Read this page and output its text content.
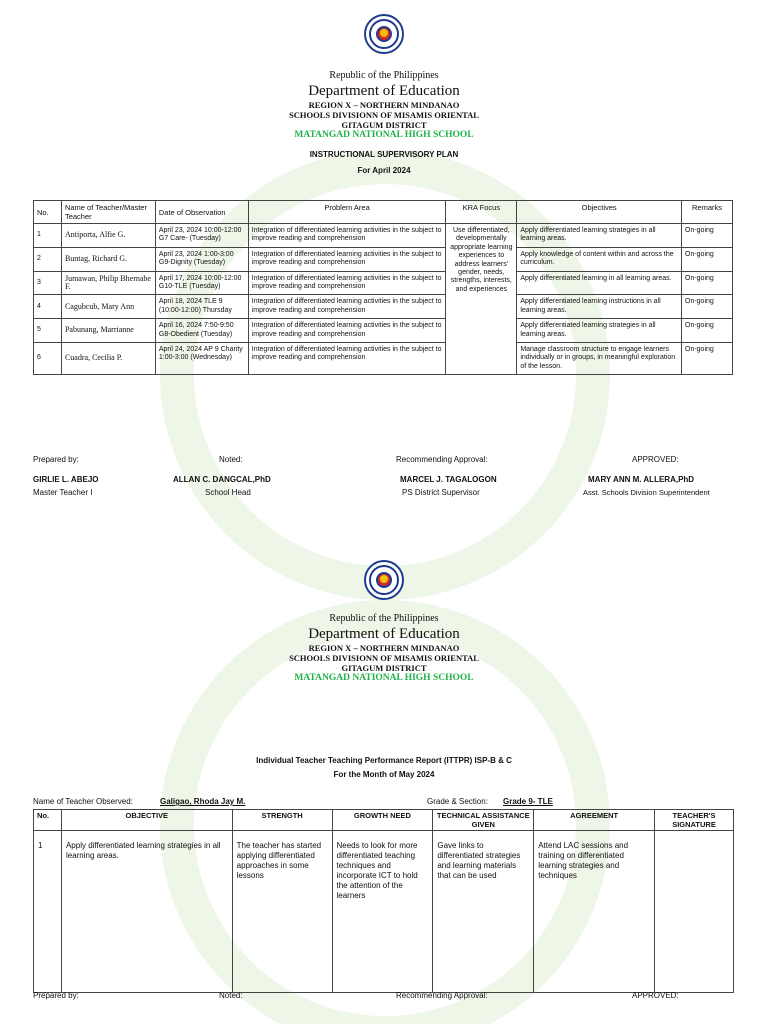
Republic of the Philippines
Department of Education
REGION X – NORTHERN MINDANAO
SCHOOLS DIVISIONN OF MISAMIS ORIENTAL
GITAGUM DISTRICT
MATANGAD NATIONAL HIGH SCHOOL
INSTRUCTIONAL SUPERVISORY PLAN
For April 2024
No.	Name of Teacher/Master Teacher	Date of Observation	Problem Area	KRA Focus	Objectives	Remarks
1	Antiporta, Alfie G.	April 23, 2024 10:00-12:00 G7 Care- (Tuesday)	Integration of differentiated learning activities in the subject to improve reading and comprehension	Use differentiated, developmentally appropriate learning experiences to address learners' gender, needs, strengths, interests, and experiences	Apply differentiated learning strategies in all learning areas.	On-going
2	Buntag, Richard G.	April 23, 2024 1:00-3:00 G9-Dignity (Tuesday)	Integration of differentiated learning activities in the subject to improve reading and comprehension		Apply knowledge of content within and across the curriculum.	On-going
3	Jumawan, Philip Bhernabe F.	April 17, 2024 10:00-12:00 G10-TLE (Tuesday)	Integration of differentiated learning activities in the subject to improve reading and comprehension		Apply differentiated learning in all learning areas.	On-going
4	Cagubcub, Mary Ann	April 18, 2024 TLE 9 (10:00-12:00) Thursday	Integration of differentiated learning activities in the subject to improve reading and comprehension		Apply differentiated learning instructions in all learning areas.	On-going
5	Pabunang, Marrianne	April 16, 2024 7:50-9:50 G8-Obedient (Tuesday)	Integration of differentiated learning activities in the subject to improve reading and comprehension		Apply differentiated learning strategies in all learning areas.	On-going
6	Cuadra, Cecilia P.	April 24, 2024 AP 9 Charity 1:00-3:00 (Wednesday)	Integration of differentiated learning activities in the subject to improve reading and comprehension		Manage classroom structure to engage learners individually or in groups, in meaningful exploration of the lesson.	On-going
Prepared by:	Noted:	Recommending Approval:	APPROVED:
GIRLIE L. ABEJO
Master Teacher I
ALLAN C. DANGCAL,PhD
School Head
MARCEL J. TAGALOGON
PS District Supervisor
MARY ANN M. ALLERA,PhD
Asst. Schools Division Superintendent
Republic of the Philippines
Department of Education
REGION X – NORTHERN MINDANAO
SCHOOLS DIVISIONN OF MISAMIS ORIENTAL
GITAGUM DISTRICT
MATANGAD NATIONAL HIGH SCHOOL
Individual Teacher Teaching Performance Report (ITTPR) ISP-B & C
For the Month of May 2024
Name of Teacher Observed:	Galigao, Rhoda Jay M.	Grade & Section: Grade 9- TLE
No.	OBJECTIVE	STRENGTH	GROWTH NEED	TECHNICAL ASSISTANCE GIVEN	AGREEMENT	TEACHER'S SIGNATURE
1	Apply differentiated learning strategies in all learning areas.	The teacher has started applying differentiated approaches in some lessons	Needs to look for more differentiated teaching techniques and incorporate ICT to hold the attention of the learners	Gave links to differentiated strategies and learning materials that can be used	Attend LAC sessions and training on differentiated learning strategies and techniques	
Prepared by:	Noted:	Recommending Approval:	APPROVED:
